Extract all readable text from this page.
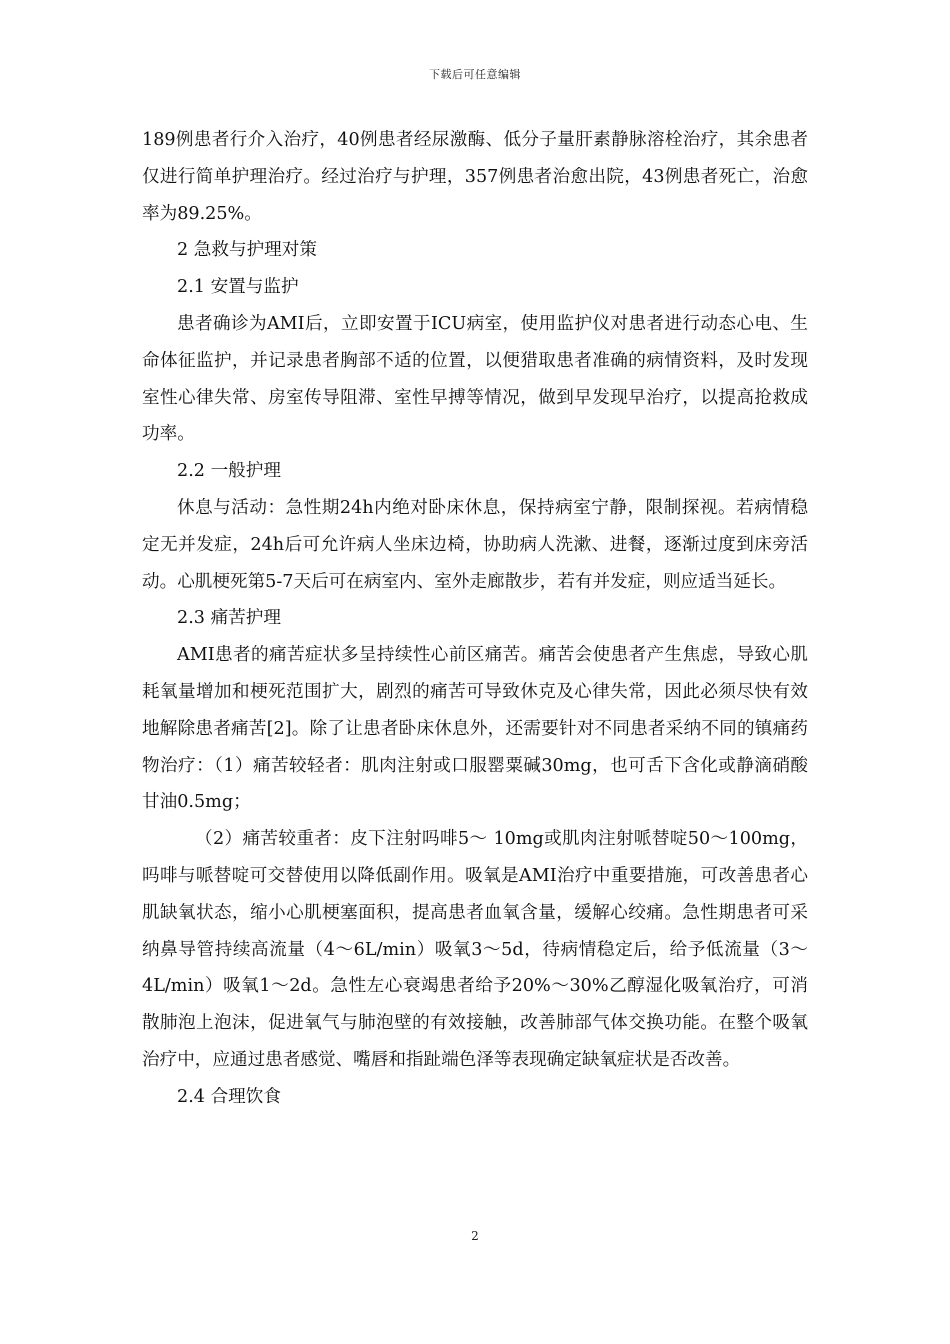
下载后可任意编辑

189例患者行介入治疗，40例患者经尿激酶、低分子量肝素静脉溶栓治疗，其余患者仅进行简单护理治疗。经过治疗与护理，357例患者治愈出院，43例患者死亡，治愈率为89.25%。

2 急救与护理对策

2.1 安置与监护

患者确诊为AMI后，立即安置于ICU病室，使用监护仪对患者进行动态心电、生命体征监护，并记录患者胸部不适的位置，以便猎取患者准确的病情资料，及时发现室性心律失常、房室传导阻滞、室性早搏等情况，做到早发现早治疗，以提高抢救成功率。

2.2 一般护理

休息与活动：急性期24h内绝对卧床休息，保持病室宁静，限制探视。若病情稳定无并发症，24h后可允许病人坐床边椅，协助病人洗漱、进餐，逐渐过度到床旁活动。心肌梗死第5-7天后可在病室内、室外走廊散步，若有并发症，则应适当延长。

2.3 痛苦护理

AMI患者的痛苦症状多呈持续性心前区痛苦。痛苦会使患者产生焦虑，导致心肌耗氧量增加和梗死范围扩大，剧烈的痛苦可导致休克及心律失常，因此必须尽快有效地解除患者痛苦[2]。除了让患者卧床休息外，还需要针对不同患者采纳不同的镇痛药物治疗：（1）痛苦较轻者：肌肉注射或口服罂粟碱30mg，也可舌下含化或静滴硝酸甘油0.5mg；

（2）痛苦较重者：皮下注射吗啡5～ 10mg或肌肉注射哌替啶50～100mg，吗啡与哌替啶可交替使用以降低副作用。吸氧是AMI治疗中重要措施，可改善患者心肌缺氧状态，缩小心肌梗塞面积，提高患者血氧含量，缓解心绞痛。急性期患者可采纳鼻导管持续高流量（4～6L/min）吸氧3～5d，待病情稳定后，给予低流量（3～4L/min）吸氧1～2d。急性左心衰竭患者给予20%～30%乙醇湿化吸氧治疗，可消散肺泡上泡沫，促进氧气与肺泡壁的有效接触，改善肺部气体交换功能。在整个吸氧治疗中，应通过患者感觉、嘴唇和指趾端色泽等表现确定缺氧症状是否改善。

2.4 合理饮食

2
